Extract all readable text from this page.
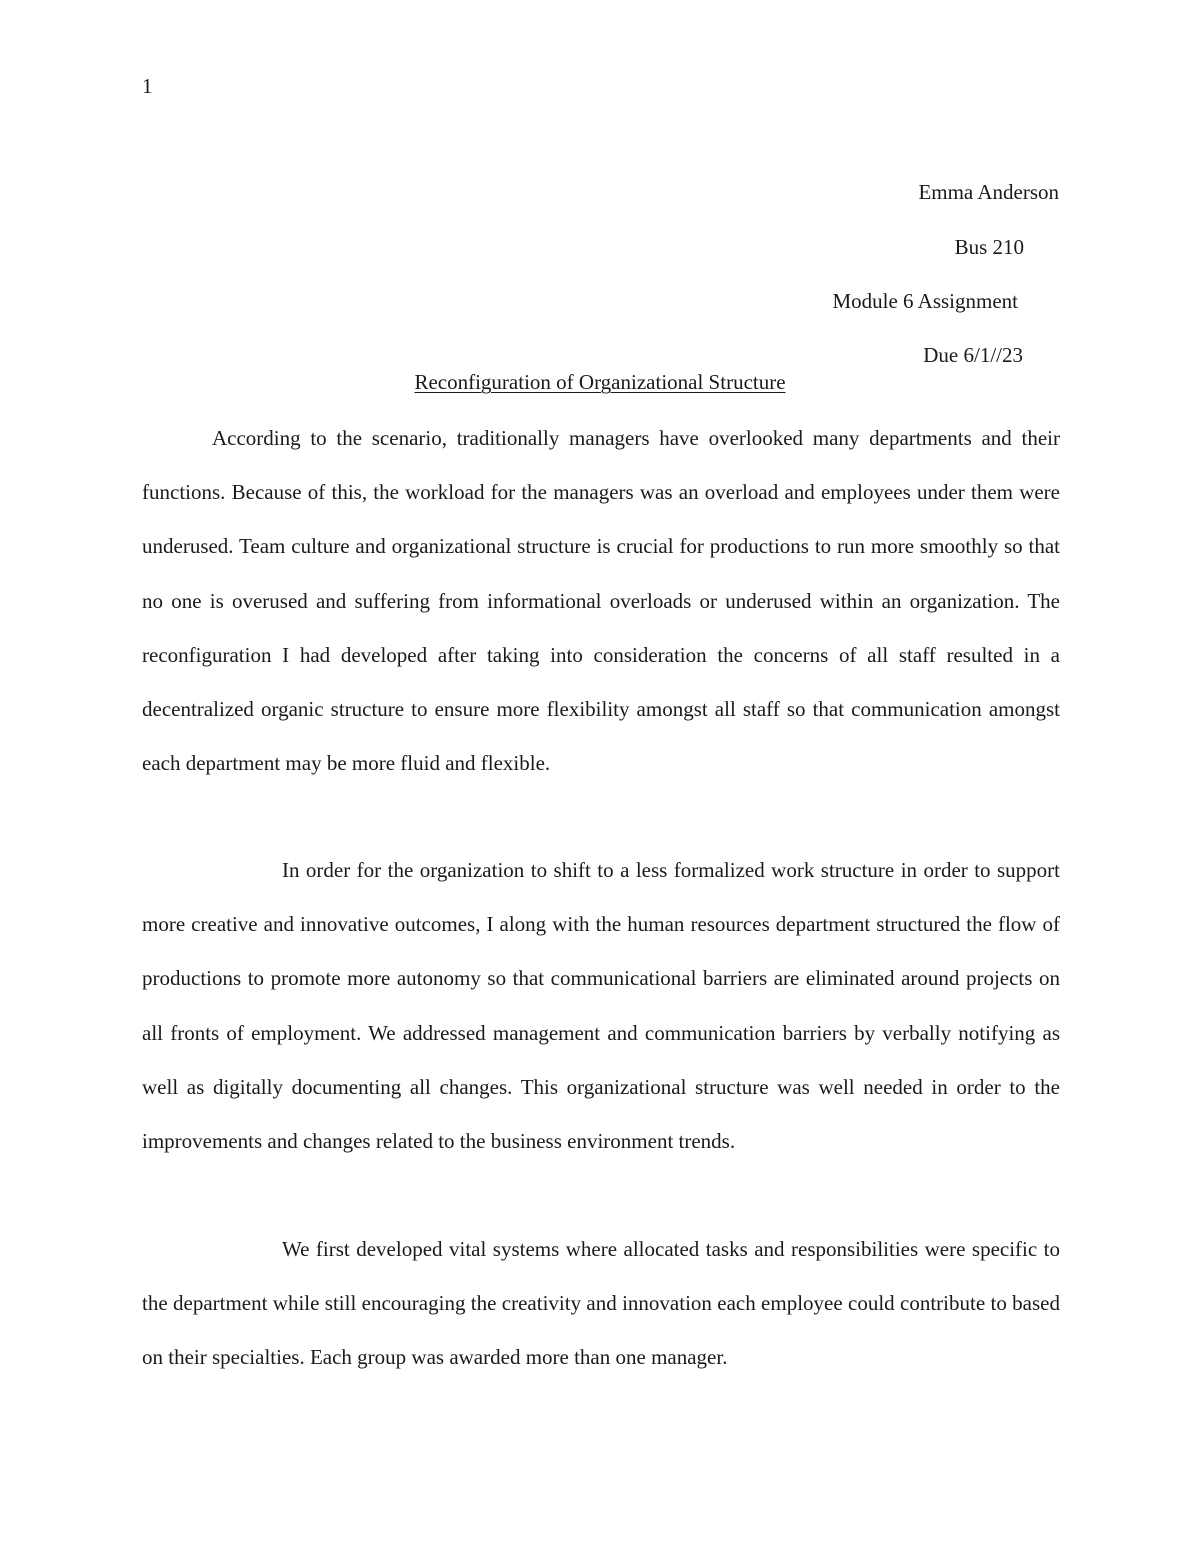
1
Emma Anderson
Bus 210
Module 6 Assignment
Due 6/1//23
Reconfiguration of Organizational Structure

According to the scenario, traditionally managers have overlooked many departments and their functions. Because of this, the workload for the managers was an overload and employees under them were underused. Team culture and organizational structure is crucial for productions to run more smoothly so that no one is overused and suffering from informational overloads or underused within an organization. The reconfiguration I had developed after taking into consideration the concerns of all staff resulted in a decentralized organic structure to ensure more flexibility amongst all staff so that communication amongst each department may be more fluid and flexible.

In order for the organization to shift to a less formalized work structure in order to support more creative and innovative outcomes, I along with the human resources department structured the flow of productions to promote more autonomy so that communicational barriers are eliminated around projects on all fronts of employment. We addressed management and communication barriers by verbally notifying as well as digitally documenting all changes. This organizational structure was well needed in order to the improvements and changes related to the business environment trends.

We first developed vital systems where allocated tasks and responsibilities were specific to the department while still encouraging the creativity and innovation each employee could contribute to based on their specialties. Each group was awarded more than one manager.
